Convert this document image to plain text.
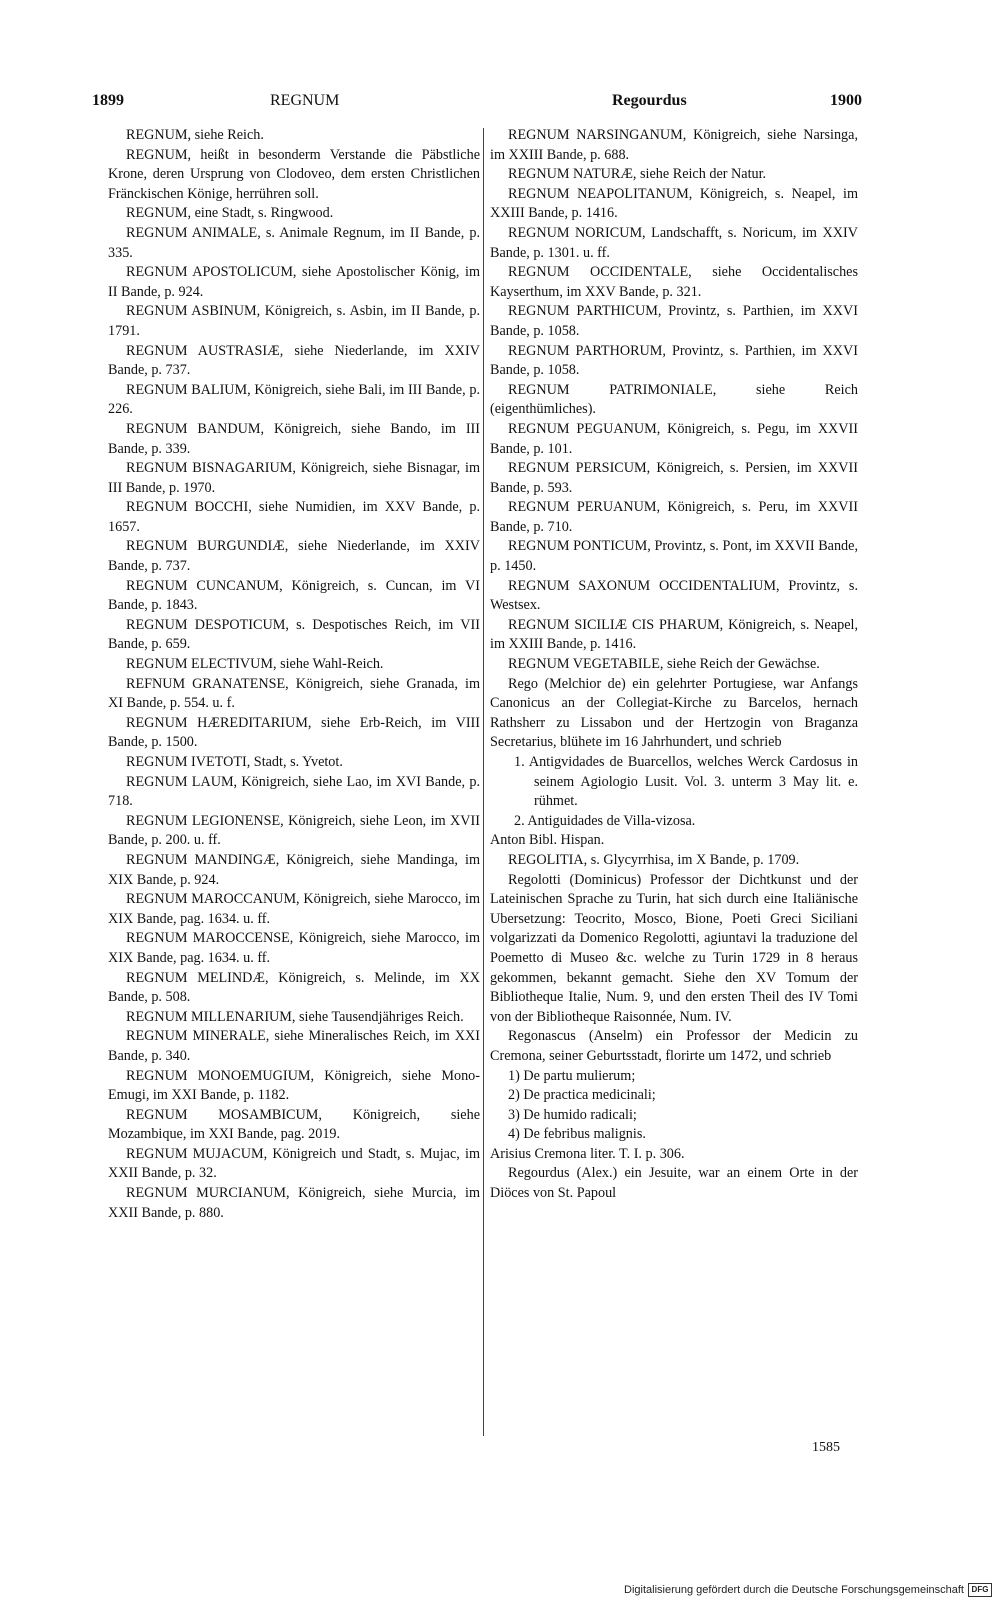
1899	REGNUM	Regourdus	1900

REGNUM, siehe Reich.

REGNUM, heißt in besonderm Verstande die Päbstliche Krone, deren Ursprung von Clodoveo, dem ersten Christlichen Fränckischen Könige, herrühren soll.

REGNUM, eine Stadt, s. Ringwood.

REGNUM ANIMALE, s. Animale Regnum, im II Bande, p. 335.

REGNUM APOSTOLICUM, siehe Apostolischer König, im II Bande, p. 924.

REGNUM ASBINUM, Königreich, s. Asbin, im II Bande, p. 1791.

REGNUM AUSTRASIÆ, siehe Niederlande, im XXIV Bande, p. 737.

REGNUM BALIUM, Königreich, siehe Bali, im III Bande, p. 226.

REGNUM BANDUM, Königreich, siehe Bando, im III Bande, p. 339.

REGNUM BISNAGARIUM, Königreich, siehe Bisnagar, im III Bande, p. 1970.

REGNUM BOCCHI, siehe Numidien, im XXV Bande, p. 1657.

REGNUM BURGUNDIÆ, siehe Niederlande, im XXIV Bande, p. 737.

REGNUM CUNCANUM, Königreich, s. Cuncan, im VI Bande, p. 1843.

REGNUM DESPOTICUM, s. Despotisches Reich, im VII Bande, p. 659.

REGNUM ELECTIVUM, siehe Wahl-Reich.

REFNUM GRANATENSE, Königreich, siehe Granada, im XI Bande, p. 554. u. f.

REGNUM HÆREDITARIUM, siehe Erb-Reich, im VIII Bande, p. 1500.

REGNUM IVETOTI, Stadt, s. Yvetot.

REGNUM LAUM, Königreich, siehe Lao, im XVI Bande, p. 718.

REGNUM LEGIONENSE, Königreich, siehe Leon, im XVII Bande, p. 200. u. ff.

REGNUM MANDINGÆ, Königreich, siehe Mandinga, im XIX Bande, p. 924.

REGNUM MAROCCANUM, Königreich, siehe Marocco, im XIX Bande, pag. 1634. u. ff.

REGNUM MAROCCENSE, Königreich, siehe Marocco, im XIX Bande, pag. 1634. u. ff.

REGNUM MELINDÆ, Königreich, s. Melinde, im XX Bande, p. 508.

REGNUM MILLENARIUM, siehe Tausendjähriges Reich.

REGNUM MINERALE, siehe Mineralisches Reich, im XXI Bande, p. 340.

REGNUM MONOEMUGIUM, Königreich, siehe Mono-Emugi, im XXI Bande, p. 1182.

REGNUM MOSAMBICUM, Königreich, siehe Mozambique, im XXI Bande, pag. 2019.

REGNUM MUJACUM, Königreich und Stadt, s. Mujac, im XXII Bande, p. 32.

REGNUM MURCIANUM, Königreich, siehe Murcia, im XXII Bande, p. 880.

REGNUM NARSINGANUM, Königreich, siehe Narsinga, im XXIII Bande, p. 688.

REGNUM NATURÆ, siehe Reich der Natur.

REGNUM NEAPOLITANUM, Königreich, s. Neapel, im XXIII Bande, p. 1416.

REGNUM NORICUM, Landschafft, s. Noricum, im XXIV Bande, p. 1301. u. ff.

REGNUM OCCIDENTALE, siehe Occidentalisches Kayserthum, im XXV Bande, p. 321.

REGNUM PARTHICUM, Provintz, s. Parthien, im XXVI Bande, p. 1058.

REGNUM PARTHORUM, Provintz, s. Parthien, im XXVI Bande, p. 1058.

REGNUM PATRIMONIALE, siehe Reich (eigenthümliches).

REGNUM PEGUANUM, Königreich, s. Pegu, im XXVII Bande, p. 101.

REGNUM PERSICUM, Königreich, s. Persien, im XXVII Bande, p. 593.

REGNUM PERUANUM, Königreich, s. Peru, im XXVII Bande, p. 710.

REGNUM PONTICUM, Provintz, s. Pont, im XXVII Bande, p. 1450.

REGNUM SAXONUM OCCIDENTALIUM, Provintz, s. Westsex.

REGNUM SICILIÆ CIS PHARUM, Königreich, s. Neapel, im XXIII Bande, p. 1416.

REGNUM VEGETABILE, siehe Reich der Gewächse.

Rego (Melchior de) ein gelehrter Portugiese, war Anfangs Canonicus an der Collegiat-Kirche zu Barcelos, hernach Rathsherr zu Lissabon und der Hertzogin von Braganza Secretarius, blühete im 16 Jahrhundert, und schrieb

1. Antigvidades de Buarcellos, welches Werck Cardosus in seinem Agiologio Lusit. Vol. 3. unterm 3 May lit. e. rühmet.

2. Antiguidades de Villa-vizosa.

Anton Bibl. Hispan.

REGOLITIA, s. Glycyrrhisa, im X Bande, p. 1709.

Regolotti (Dominicus) Professor der Dichtkunst und der Lateinischen Sprache zu Turin, hat sich durch eine Italiänische Ubersetzung: Teocrito, Mosco, Bione, Poeti Greci Siciliani volgarizzati da Domenico Regolotti, agiuntavi la traduzione del Poemetto di Museo &c. welche zu Turin 1729 in 8 heraus gekommen, bekannt gemacht. Siehe den XV Tomum der Bibliotheque Italie, Num. 9, und den ersten Theil des IV Tomi von der Bibliotheque Raisonnée, Num. IV.

Regonascus (Anselm) ein Professor der Medicin zu Cremona, seiner Geburtsstadt, florirte um 1472, und schrieb

1) De partu mulierum;

2) De practica medicinali;

3) De humido radicali;

4) De febribus malignis.

Arisius Cremona liter. T. I. p. 306.

Regourdus (Alex.) ein Jesuite, war an einem Orte in der Diöces von St. Papoul

1585
Digitalisierung gefördert durch die Deutsche Forschungsgemeinschaft DFG
